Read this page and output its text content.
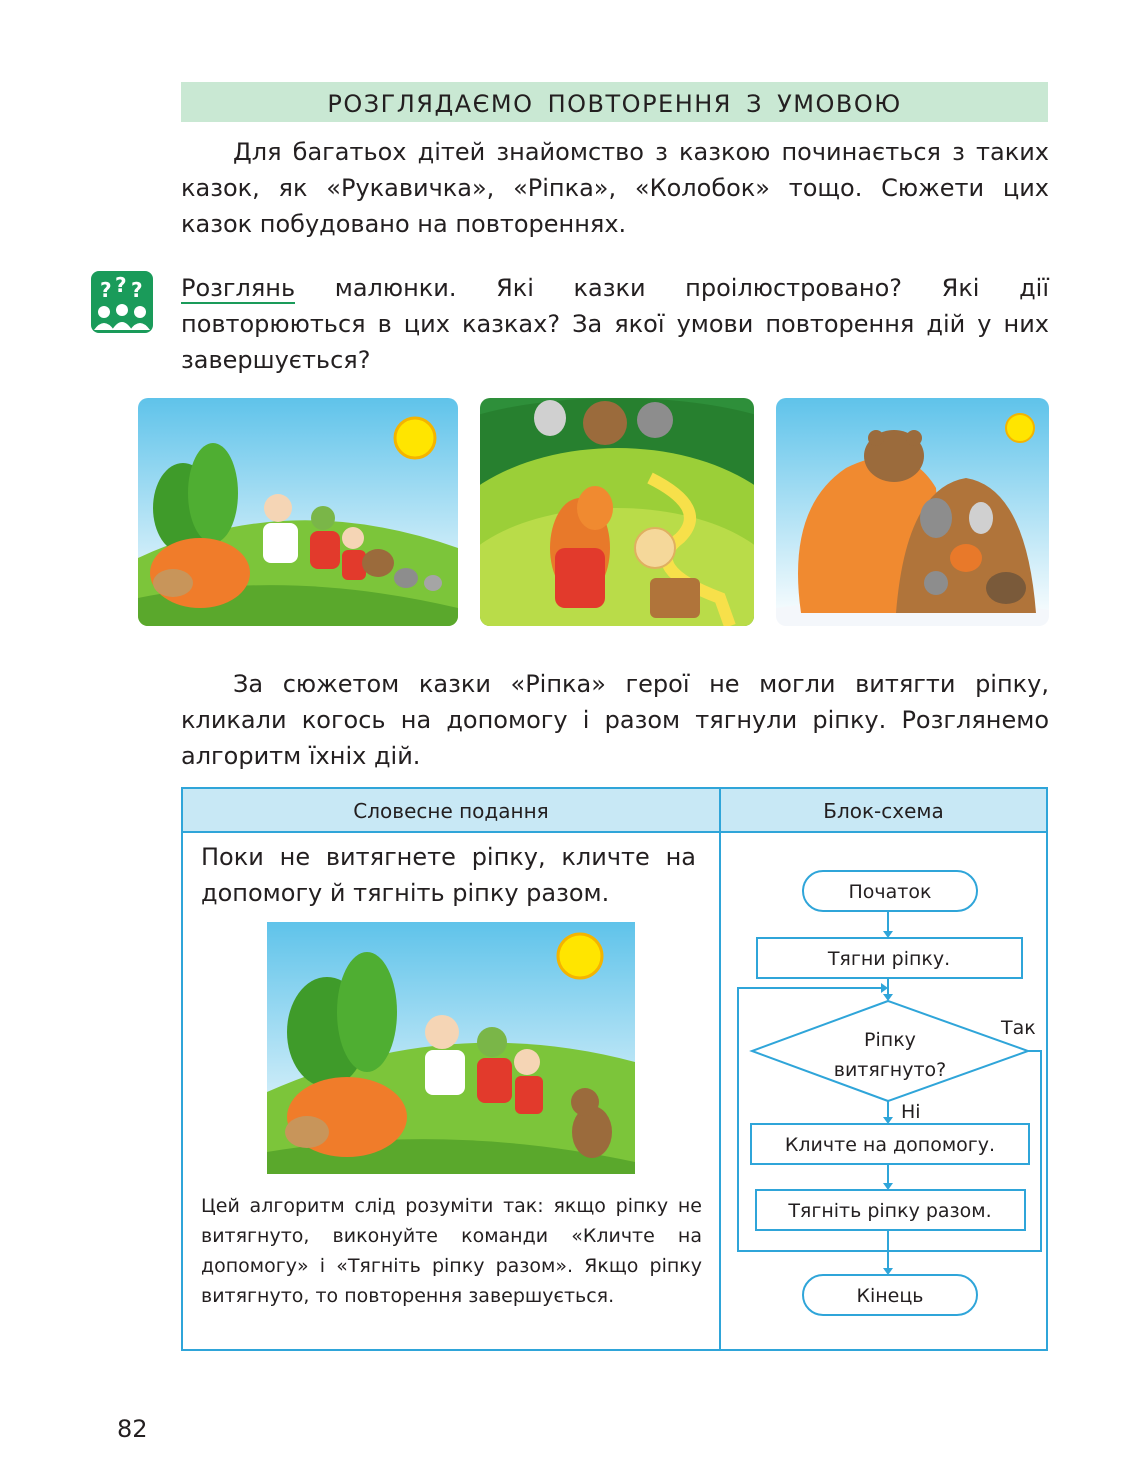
РОЗГЛЯДАЄМО ПОВТОРЕННЯ З УМОВОЮ

Для багатьох дітей знайомство з казкою починається з таких казок, як «Рукавичка», «Ріпка», «Колобок» тощо. Сюжети цих казок побудовано на повтореннях.

? ? ? Розглянь малюнки. Які казки проілюстровано? Які дії повторюються в цих казках? За якої умови повторення дій у них завершується?

За сюжетом казки «Ріпка» герої не могли витягти ріпку, кликали когось на допомогу і разом тягнули ріпку. Розглянемо алгоритм їхніх дій.

Словесне подання	Блок-схема

Поки не витягнете ріпку, кличте на допомогу й тягніть ріпку разом.

Цей алгоритм слід розуміти так: якщо ріпку не витягнуто, виконуйте команди «Кличте на допомогу» і «Тягніть ріпку разом». Якщо ріпку витягнуто, то повторення завершується.

Початок
Тягни ріпку.
Ріпку
витягнуто?
Так
Ні
Кличте на допомогу.
Тягніть ріпку разом.
Кінець
82
